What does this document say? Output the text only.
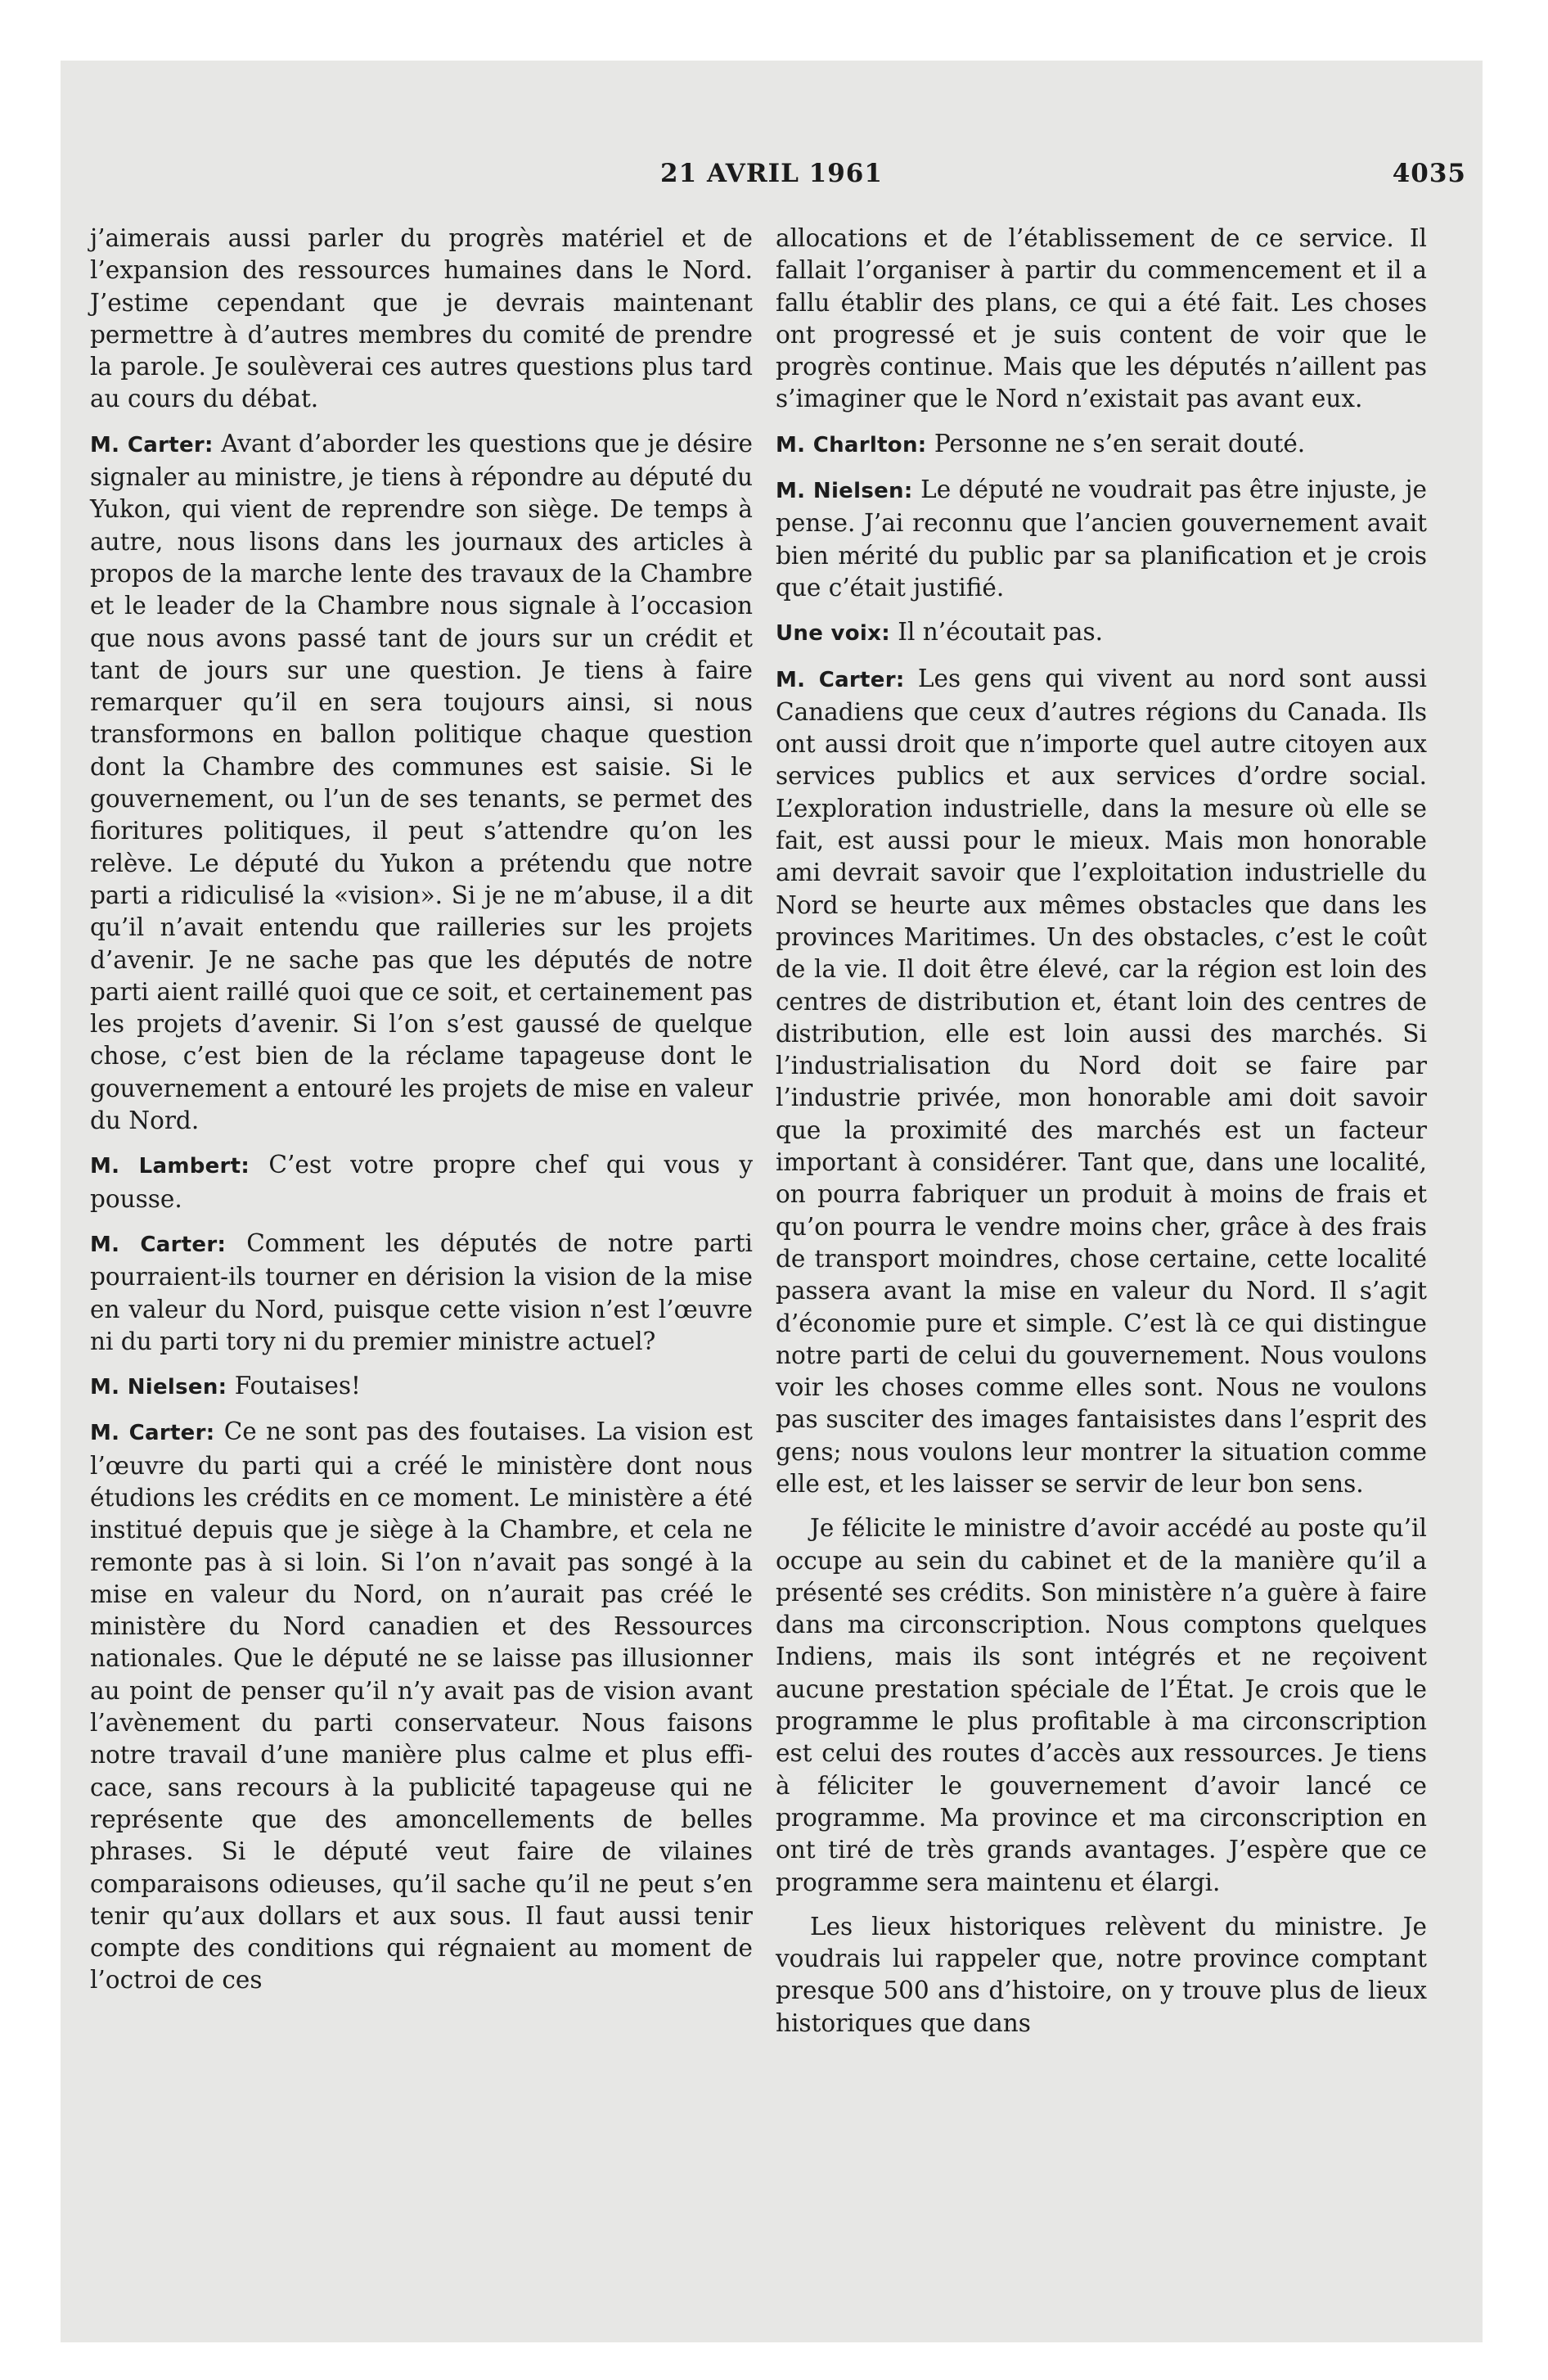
21 AVRIL 1961	4035

j’aimerais aussi parler du progrès matériel et de l’expansion des ressources humaines dans le Nord. J’estime cependant que je devrais maintenant permettre à d’autres membres du comité de prendre la parole. Je soulèverai ces autres questions plus tard au cours du débat.

M. Carter: Avant d’aborder les questions que je désire signaler au ministre, je tiens à répondre au député du Yukon, qui vient de reprendre son siège. De temps à autre, nous lisons dans les journaux des articles à propos de la marche lente des travaux de la Chambre et le leader de la Chambre nous signale à l’occasion que nous avons passé tant de jours sur un crédit et tant de jours sur une question. Je tiens à faire remarquer qu’il en sera toujours ainsi, si nous transformons en ballon politique chaque question dont la Chambre des communes est saisie. Si le gouvernement, ou l’un de ses tenants, se permet des fioritures politiques, il peut s’attendre qu’on les relève. Le député du Yukon a prétendu que notre parti a ridiculisé la «vision». Si je ne m’abuse, il a dit qu’il n’avait entendu que railleries sur les projets d’avenir. Je ne sache pas que les députés de notre parti aient raillé quoi que ce soit, et certainement pas les projets d’avenir. Si l’on s’est gaussé de quelque chose, c’est bien de la réclame tapageuse dont le gouvernement a entouré les projets de mise en valeur du Nord.

M. Lambert: C’est votre propre chef qui vous y pousse.

M. Carter: Comment les députés de notre parti pourraient-ils tourner en dérision la vision de la mise en valeur du Nord, puisque cette vision n’est l’œuvre ni du parti tory ni du premier ministre actuel?

M. Nielsen: Foutaises!

M. Carter: Ce ne sont pas des foutaises. La vision est l’œuvre du parti qui a créé le ministère dont nous étudions les crédits en ce moment. Le ministère a été institué depuis que je siège à la Chambre, et cela ne remonte pas à si loin. Si l’on n’avait pas songé à la mise en valeur du Nord, on n’aurait pas créé le ministère du Nord canadien et des Ressources nationales. Que le député ne se laisse pas illusionner au point de penser qu’il n’y avait pas de vision avant l’avènement du parti conservateur. Nous faisons notre travail d’une manière plus calme et plus efficace, sans recours à la publicité tapageuse qui ne représente que des amoncellements de belles phrases. Si le député veut faire de vilaines comparaisons odieuses, qu’il sache qu’il ne peut s’en tenir qu’aux dollars et aux sous. Il faut aussi tenir compte des conditions qui régnaient au moment de l’octroi de ces

allocations et de l’établissement de ce service. Il fallait l’organiser à partir du commencement et il a fallu établir des plans, ce qui a été fait. Les choses ont progressé et je suis content de voir que le progrès continue. Mais que les députés n’aillent pas s’imaginer que le Nord n’existait pas avant eux.

M. Charlton: Personne ne s’en serait douté.

M. Nielsen: Le député ne voudrait pas être injuste, je pense. J’ai reconnu que l’ancien gouvernement avait bien mérité du public par sa planification et je crois que c’était justifié.

Une voix: Il n’écoutait pas.

M. Carter: Les gens qui vivent au nord sont aussi Canadiens que ceux d’autres régions du Canada. Ils ont aussi droit que n’importe quel autre citoyen aux services publics et aux services d’ordre social. L’exploration industrielle, dans la mesure où elle se fait, est aussi pour le mieux. Mais mon honorable ami devrait savoir que l’exploitation industrielle du Nord se heurte aux mêmes obstacles que dans les provinces Maritimes. Un des obstacles, c’est le coût de la vie. Il doit être élevé, car la région est loin des centres de distribution et, étant loin des centres de distribution, elle est loin aussi des marchés. Si l’industrialisation du Nord doit se faire par l’industrie privée, mon honorable ami doit savoir que la proximité des marchés est un facteur important à considérer. Tant que, dans une localité, on pourra fabriquer un produit à moins de frais et qu’on pourra le vendre moins cher, grâce à des frais de transport moindres, chose certaine, cette localité passera avant la mise en valeur du Nord. Il s’agit d’économie pure et simple. C’est là ce qui distingue notre parti de celui du gouvernement. Nous voulons voir les choses comme elles sont. Nous ne voulons pas susciter des images fantaisistes dans l’esprit des gens; nous voulons leur montrer la situation comme elle est, et les laisser se servir de leur bon sens.

Je félicite le ministre d’avoir accédé au poste qu’il occupe au sein du cabinet et de la manière qu’il a présenté ses crédits. Son ministère n’a guère à faire dans ma circonscription. Nous comptons quelques Indiens, mais ils sont intégrés et ne reçoivent aucune prestation spéciale de l’État. Je crois que le programme le plus profitable à ma circonscription est celui des routes d’accès aux ressources. Je tiens à féliciter le gouvernement d’avoir lancé ce programme. Ma province et ma circonscription en ont tiré de très grands avantages. J’espère que ce programme sera maintenu et élargi.

Les lieux historiques relèvent du ministre. Je voudrais lui rappeler que, notre province comptant presque 500 ans d’histoire, on y trouve plus de lieux historiques que dans
